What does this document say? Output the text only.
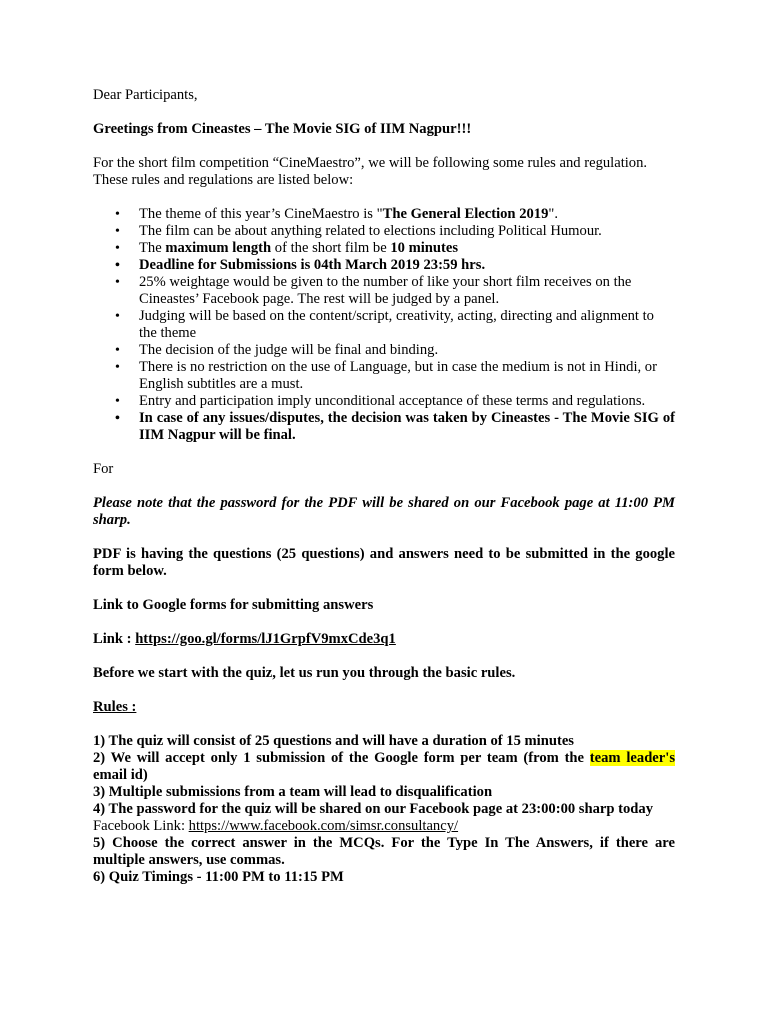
Dear Participants,

Greetings from Cineastes – The Movie SIG of IIM Nagpur!!!

For the short film competition “CineMaestro”, we will be following some rules and regulation. These rules and regulations are listed below:

• The theme of this year’s CineMaestro is "The General Election 2019".
• The film can be about anything related to elections including Political Humour.
• The maximum length of the short film be 10 minutes
• Deadline for Submissions is 04th March 2019 23:59 hrs.
• 25% weightage would be given to the number of like your short film receives on the Cineastes’ Facebook page. The rest will be judged by a panel.
• Judging will be based on the content/script, creativity, acting, directing and alignment to the theme
• The decision of the judge will be final and binding.
• There is no restriction on the use of Language, but in case the medium is not in Hindi, or English subtitles are a must.
• Entry and participation imply unconditional acceptance of these terms and regulations.
• In case of any issues/disputes, the decision was taken by Cineastes - The Movie SIG of IIM Nagpur will be final.

For

Please note that the password for the PDF will be shared on our Facebook page at 11:00 PM sharp.

PDF is having the questions (25 questions) and answers need to be submitted in the google form below.

Link to Google forms for submitting answers

Link : https://goo.gl/forms/lJ1GrpfV9mxCde3q1

Before we start with the quiz, let us run you through the basic rules.

Rules :

1) The quiz will consist of 25 questions and will have a duration of 15 minutes

2) We will accept only 1 submission of the Google form per team (from the team leader's email id)

3) Multiple submissions from a team will lead to disqualification

4) The password for the quiz will be shared on our Facebook page at 23:00:00 sharp today

Facebook Link: https://www.facebook.com/simsr.consultancy/

5) Choose the correct answer in the MCQs. For the Type In The Answers, if there are multiple answers, use commas.

6) Quiz Timings - 11:00 PM to 11:15 PM
